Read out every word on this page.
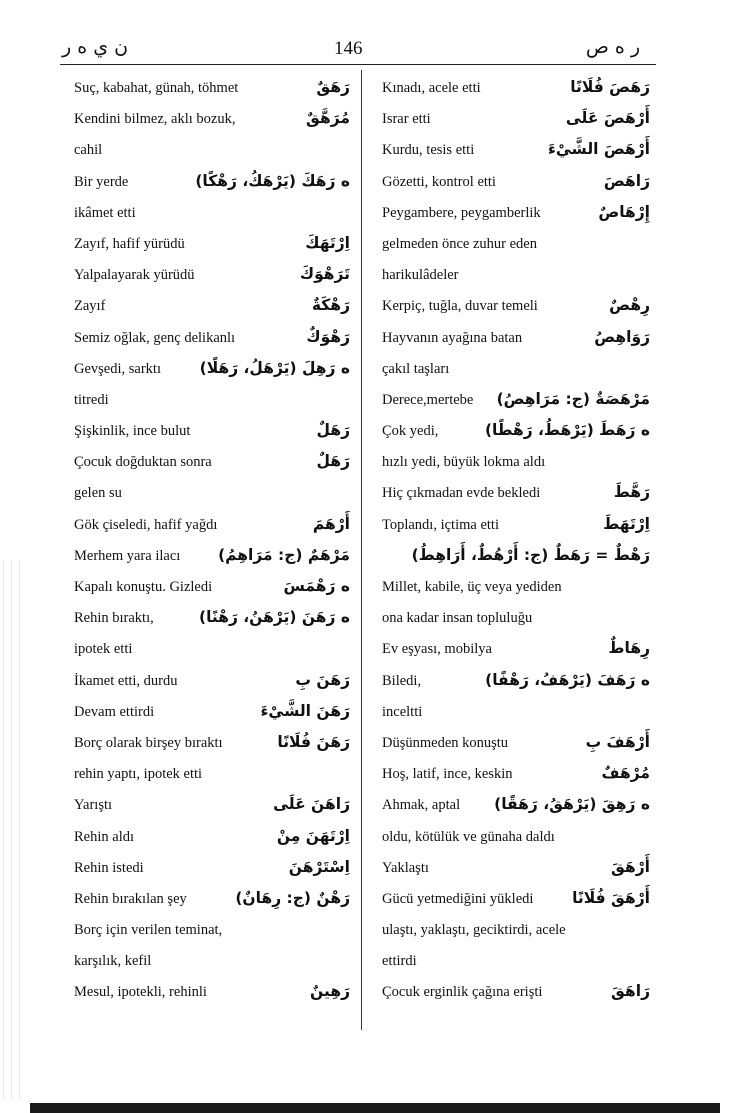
ن ي ه ر	146	ر ه ص
Suç, kabahat, günah, töhmet	رَهَقٌ
Kendini bilmez, aklı bozuk,	مُرَهَّقٌ
cahil
Bir yerde	ه رَهَكَ (يَرْهَكُ، رَهْكًا)
ikâmet etti
Zayıf, hafif yürüdü	اِرْتَهَكَ
Yalpalayarak yürüdü	تَرَهْوَكَ
Zayıf	رَهْكَةٌ
Semiz oğlak, genç delikanlı	رَهْوَكٌ
Gevşedi, sarktı ه رَهِلَ (يَرْهَلُ، رَهَلًا)
titredi
Şişkinlik, ince bulut	رَهَلٌ
Çocuk doğduktan sonra	رَهَلٌ
gelen su
Gök çiseledi, hafif yağdı	أَرْهَمَ
Merhem yara ilacı مَرْهَمٌ (ج: مَرَاهِمُ)
Kapalı konuştu. Gizledi	ه رَهْمَسَ
Rehin bıraktı,	ه رَهَنَ (يَرْهَنُ، رَهْنًا)
ipotek etti
İkamet etti, durdu	رَهَنَ بِ
Devam ettirdi	رَهَنَ الشَّيْءَ
Borç olarak birşey bıraktı	رَهَنَ فُلَانًا
rehin yaptı, ipotek etti
Yarıştı	رَاهَنَ عَلَى
Rehin aldı	اِرْتَهَنَ مِنْ
Rehin istedi	اِسْتَرْهَنَ
Rehin bırakılan şey	رَهْنٌ (ج: رِهَانٌ)
Borç için verilen teminat,
karşılık, kefil
Mesul, ipotekli, rehinli	رَهِينٌ
Kınadı, acele etti	رَهَصَ فُلَانًا
Israr etti	أَرْهَصَ عَلَى
Kurdu, tesis etti	أَرْهَصَ الشَّيْءَ
Gözetti, kontrol etti	رَاهَصَ
Peygambere, peygamberlik	إِرْهَاصٌ
gelmeden önce zuhur eden
harikulâdeler
Kerpiç, tuğla, duvar temeli	رِهْصٌ
Hayvanın ayağına batan	رَوَاهِصُ
çakıl taşları
Derece,mertebe مَرْهَصَةٌ (ج: مَرَاهِصُ)
Çok yedi,	ه رَهَطَ (يَرْهَطُ، رَهْطًا)
hızlı yedi, büyük lokma aldı
Hiç çıkmadan evde bekledi	رَهَّطَ
Toplandı, içtima etti	اِرْتَهَطَ
رَهْطٌ = رَهَطٌ (ج: أَرْهُطٌ، أَرَاهِطُ)
Millet, kabile, üç veya yediden
ona kadar insan topluluğu
Ev eşyası, mobilya	رِهَاطٌ
Biledi,	ه رَهَفَ (يَرْهَفُ، رَهْفًا)
inceltti
Düşünmeden konuştu	أَرْهَفَ بِ
Hoş, latif, ince, keskin	مُرْهَفٌ
Ahmak, aptal ه رَهِقَ (يَرْهَقُ، رَهَقًا)
oldu, kötülük ve günaha daldı
Yaklaştı	أَرْهَقَ
Gücü yetmediğini yükledi أَرْهَقَ فُلَانًا
ulaştı, yaklaştı, geciktirdi, acele
ettirdi
Çocuk erginlik çağına erişti	رَاهَقَ
